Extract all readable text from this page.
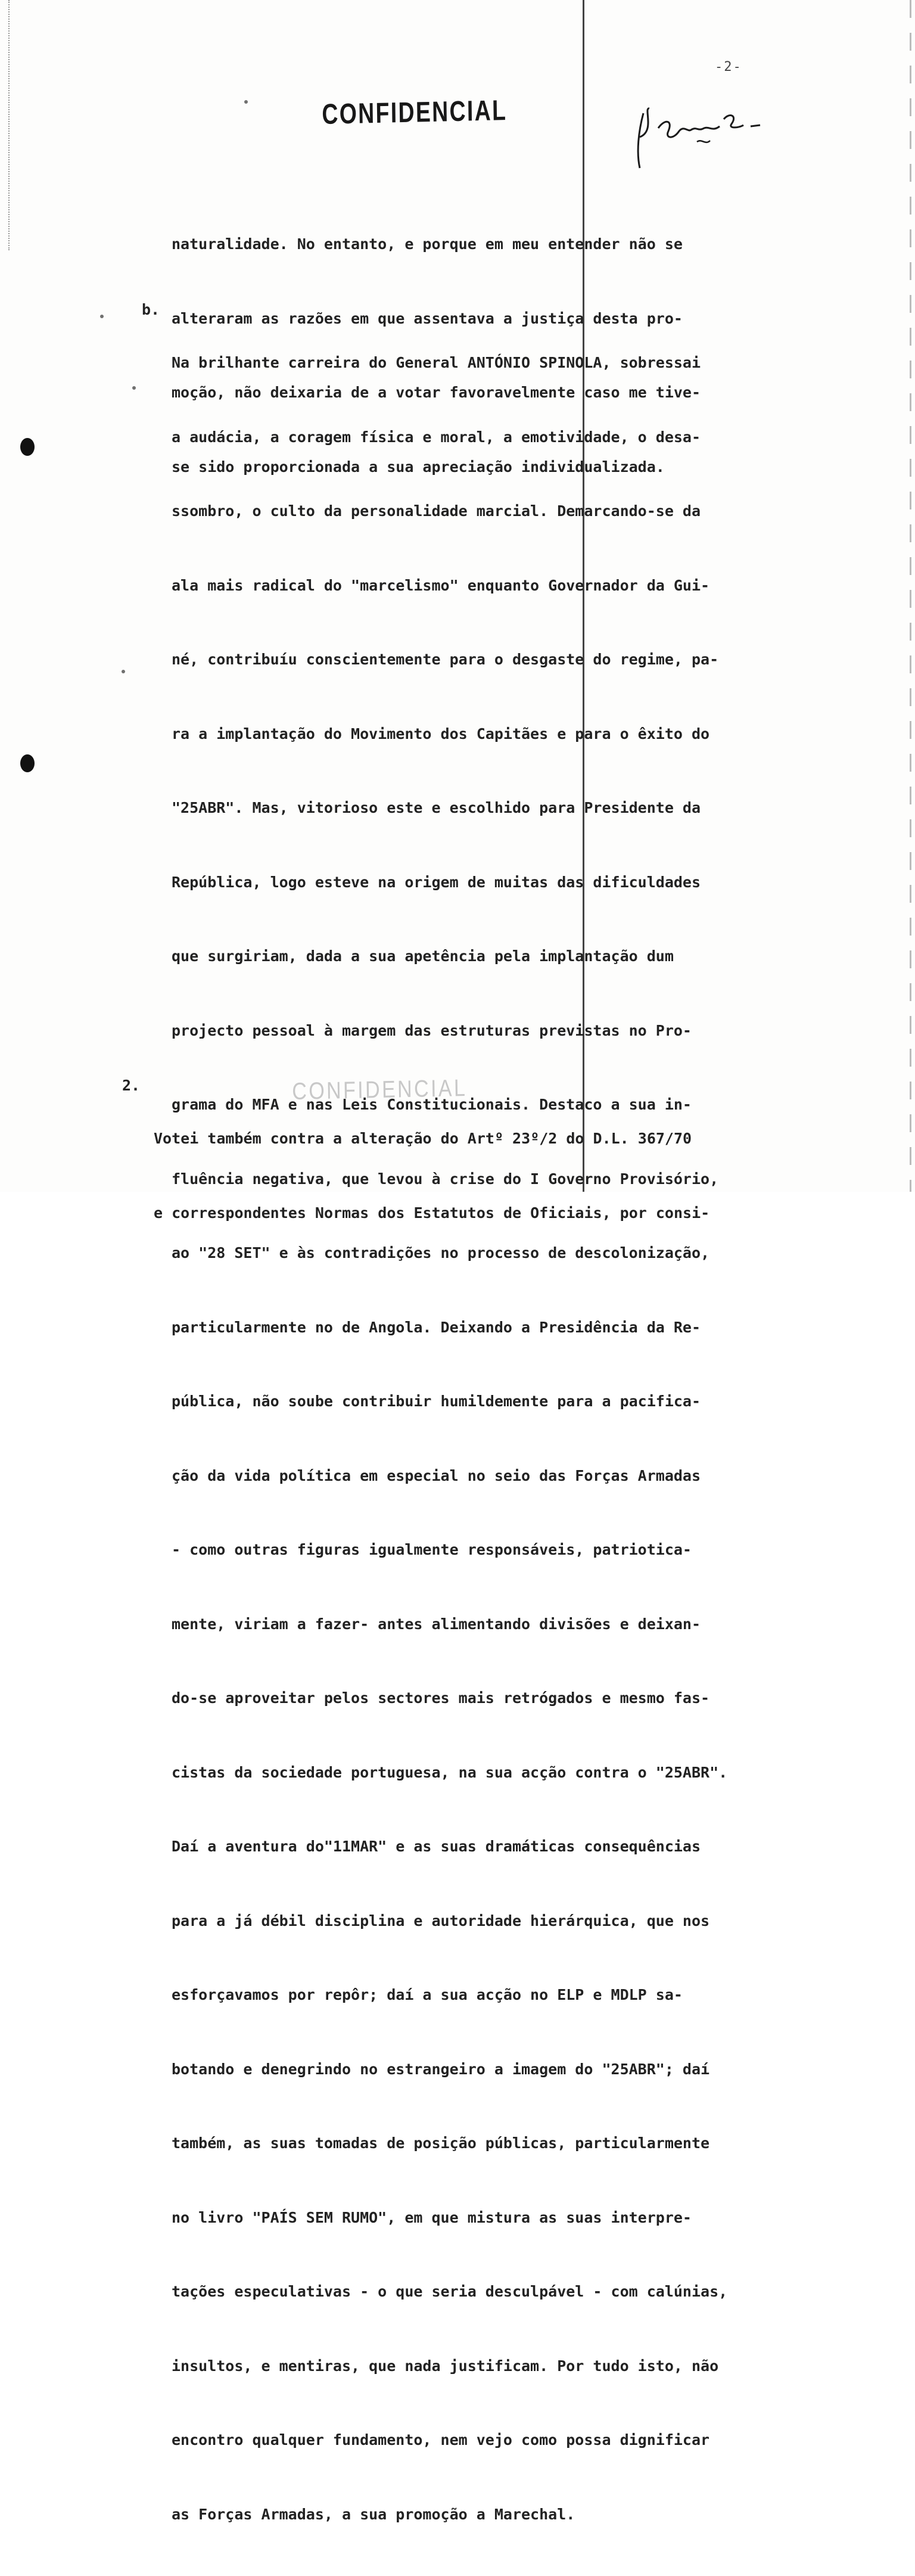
-2-
CONFIDENCIAL

naturalidade. No entanto, e porque em meu entender não se

alteraram as razões em que assentava a justiça desta pro-

moção, não deixaria de a votar favoravelmente caso me tive-

se sido proporcionada a sua apreciação individualizada.

b.

Na brilhante carreira do General ANTÓNIO SPINOLA, sobressai

a audácia, a coragem física e moral, a emotividade, o desa-

ssombro, o culto da personalidade marcial. Demarcando-se da

ala mais radical do "marcelismo" enquanto Governador da Gui-

né, contribuíu conscientemente para o desgaste do regime, pa-

ra a implantação do Movimento dos Capitães e para o êxito do

"25ABR". Mas, vitorioso este e escolhido para Presidente da

República, logo esteve na origem de muitas das dificuldades

que surgiriam, dada a sua apetência pela implantação dum

projecto pessoal à margem das estruturas previstas no Pro-

grama do MFA e nas Leis Constitucionais. Destaco a sua in-

fluência negativa, que levou à crise do I Governo Provisório,

ao "28 SET" e às contradições no processo de descolonização,

particularmente no de Angola. Deixando a Presidência da Re-

pública, não soube contribuir humildemente para a pacifica-

ção da vida política em especial no seio das Forças Armadas

- como outras figuras igualmente responsáveis, patriotica-

mente, viriam a fazer- antes alimentando divisões e deixan-

do-se aproveitar pelos sectores mais retrógados e mesmo fas-

cistas da sociedade portuguesa, na sua acção contra o "25ABR".

Daí a aventura do"11MAR" e as suas dramáticas consequências

para a já débil disciplina e autoridade hierárquica, que nos

esforçavamos por repôr; daí a sua acção no ELP e MDLP sa-

botando e denegrindo no estrangeiro a imagem do "25ABR"; daí

também, as suas tomadas de posição públicas, particularmente

no livro "PAÍS SEM RUMO", em que mistura as suas interpre-

tações especulativas - o que seria desculpável - com calúnias,

insultos, e mentiras, que nada justificam. Por tudo isto, não

encontro qualquer fundamento, nem vejo como possa dignificar

as Forças Armadas, a sua promoção a Marechal.

2.

Votei também contra a alteração do Artº 23º/2 do D.L. 367/70

e correspondentes Normas dos Estatutos de Oficiais, por consi-

CONFIDENCIAL
